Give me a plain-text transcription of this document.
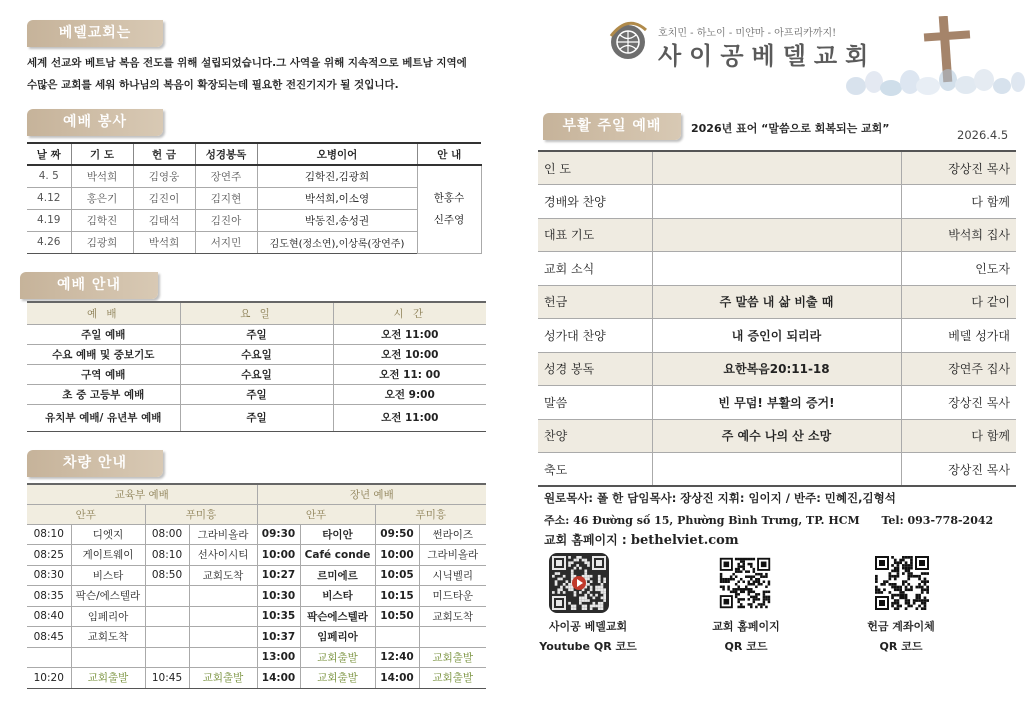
베델교회는
세계 선교와 베트남 복음 전도를 위해 설립되었습니다.그 사역을 위해 지속적으로 베트남 지역에
수많은 교회를 세워 하나님의 복음이 확장되는데 필요한 전진기지가 될 것입니다.
예배 봉사
날 짜	기 도	헌 금	성경봉독	오병이어	안 내
4. 5	박석희	김영웅	장연주	김학진,김광희	한홍수
신주영

4.12	홍은기	김진이	김지현	박석희,이소영	
4.19	김학진	김태석	김진아	박동진,송성권	
4.26	김광희	박석희	서지민	김도현(정소연),이상록(장연주)	
예배 안내
예 배	요 일	시 간
주일 예배	주일	오전 11:00
수요 예배 및 중보기도	수요일	오전 10:00
구역 예배	수요일	오전 11: 00
초 중 고등부 예배	주일	오전 9:00
유치부 예배/ 유년부 예배	주일	오전 11:00
차량 안내
교육부 예배				장년 예배			
안푸		푸미흥		안푸		푸미흥	
08:10	디엣지	08:00	그라비올라	09:30	타이안	09:50	썬라이즈
08:25	게이트웨이	08:10	선사이시티	10:00	Café conde	10:00	그라비올라
08:30	비스타	08:50	교회도착	10:27	르미에르	10:05	시닉벨리
08:35	팍슨/에스텔라			10:30	비스타	10:15	미드타운
08:40	임페리아			10:35	팍슨에스텔라	10:50	교회도착
08:45	교회도착			10:37	임페리아		
				13:00	교회출발	12:40	교회출발
10:20	교회출발	10:45	교회출발	14:00	교회출발	14:00	교회출발
호치민 - 하노이 - 미얀마 - 아프리카까지!
사이공베델교회
부활 주일 예배	2026년 표어 “말씀으로 회복되는 교회”	2026.4.5
인 도		장상진 목사
경배와 찬양		다 함께
대표 기도		박석희 집사
교회 소식		인도자
헌금	주 말씀 내 삶 비출 때	다 같이
성가대 찬양	내 증인이 되리라	베델 성가대
성경 봉독	요한복음20:11-18	장연주 집사
말씀	빈 무덤! 부활의 증거!	장상진 목사
찬양	주 예수 나의 산 소망	다 함께
축도		장상진 목사
원로목사: 폴 한 담임목사: 장상진 지휘: 임이지 / 반주: 민혜진,김형석
주소: 46 Đường số 15, Phường Bình Trưng, TP. HCM Tel: 093-778-2042
교회 홈페이지 : bethelviet.com
사이공 베델교회
Youtube QR 코드
교회 홈페이지
QR 코드
헌금 계좌이체
QR 코드
